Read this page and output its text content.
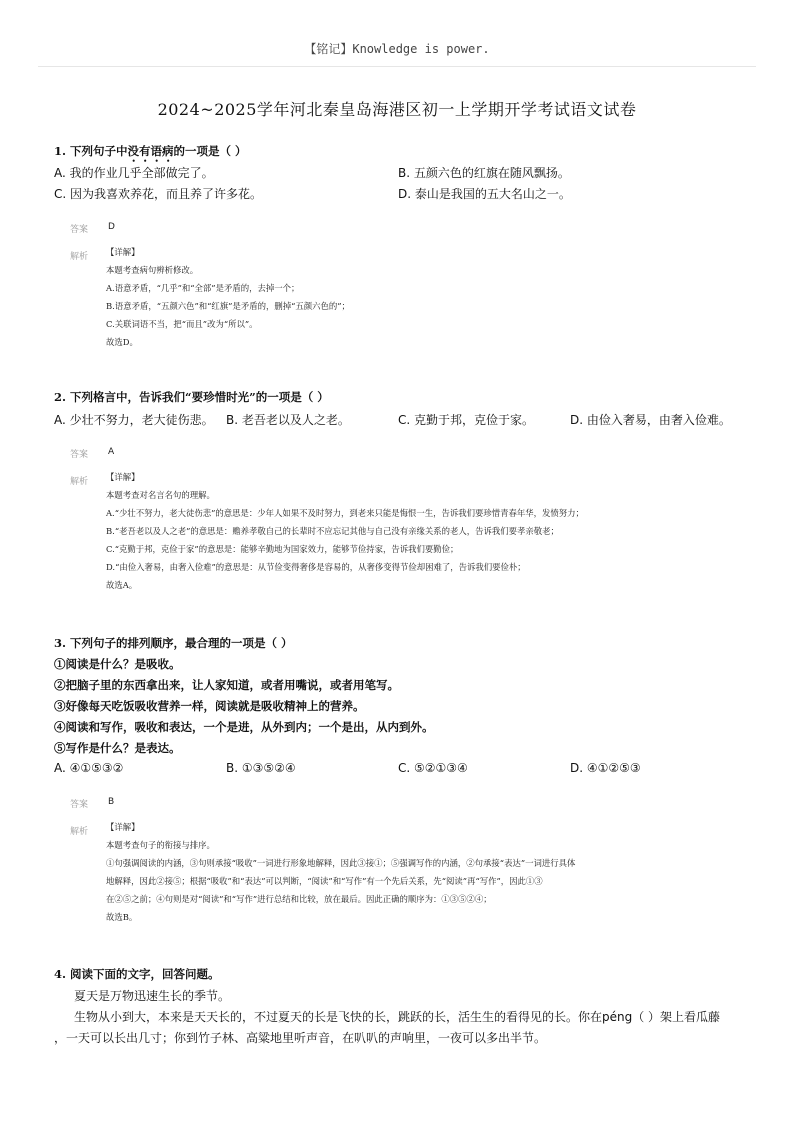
【铭记】Knowledge is power.
2024~2025学年河北秦皇岛海港区初一上学期开学考试语文试卷
1. 下列句子中没有语病的一项是（ ）
A. 我的作业几乎全部做完了。	B. 五颜六色的红旗在随风飘扬。
C. 因为我喜欢养花，而且养了许多花。	D. 泰山是我国的五大名山之一。
答案 D
解析 【详解】
本题考查病句辨析修改。
A.语意矛盾，“几乎”和“全部”是矛盾的，去掉一个；
B.语意矛盾，“五颜六色”和“红旗”是矛盾的，删掉“五颜六色的”；
C.关联词语不当，把“而且”改为“所以”。
故选D。
2. 下列格言中，告诉我们“要珍惜时光”的一项是（ ）
A. 少壮不努力，老大徒伤悲。 B. 老吾老以及人之老。	C. 克勤于邦，克俭于家。	D. 由俭入奢易，由奢入俭难。
答案 A
解析 【详解】
本题考查对名言名句的理解。
A.“少壮不努力，老大徒伤悲”的意思是：少年人如果不及时努力，到老来只能是悔恨一生，告诉我们要珍惜青春年华，发愤努力；
B.“老吾老以及人之老”的意思是：赡养孝敬自己的长辈时不应忘记其他与自己没有亲缘关系的老人，告诉我们要孝亲敬老；
C.“克勤于邦，克俭于家”的意思是：能够辛勤地为国家效力，能够节俭持家，告诉我们要勤俭；
D.“由俭入奢易，由奢入俭难”的意思是：从节俭变得奢侈是容易的，从奢侈变得节俭却困难了，告诉我们要俭朴；
故选A。
3. 下列句子的排列顺序，最合理的一项是（ ）
①阅读是什么？是吸收。
②把脑子里的东西拿出来，让人家知道，或者用嘴说，或者用笔写。
③好像每天吃饭吸收营养一样，阅读就是吸收精神上的营养。
④阅读和写作，吸收和表达，一个是进，从外到内；一个是出，从内到外。
⑤写作是什么？是表达。
A. ④①⑤③②	B. ①③⑤②④	C. ⑤②①③④	D. ④①②⑤③
答案 B
解析 【详解】
本题考查句子的衔接与排序。
①句强调阅读的内涵，③句则承接“吸收”一词进行形象地解释，因此③接①；⑤强调写作的内涵，②句承接“表达”一词进行具体
地解释，因此②接⑤；根据“吸收”和“表达”可以判断，“阅读”和“写作”有一个先后关系，先“阅读”再“写作”，因此①③
在②⑤之前；④句则是对“阅读”和“写作”进行总结和比较，放在最后。因此正确的顺序为：①③⑤②④；
故选B。
4. 阅读下面的文字，回答问题。
夏天是万物迅速生长的季节。
生物从小到大，本来是天天长的，不过夏天的长是飞快的长，跳跃的长，活生生的看得见的长。你在péng（ ）架上看瓜藤
，一天可以长出几寸；你到竹子林、高粱地里听声音，在叭叭的声响里，一夜可以多出半节。
